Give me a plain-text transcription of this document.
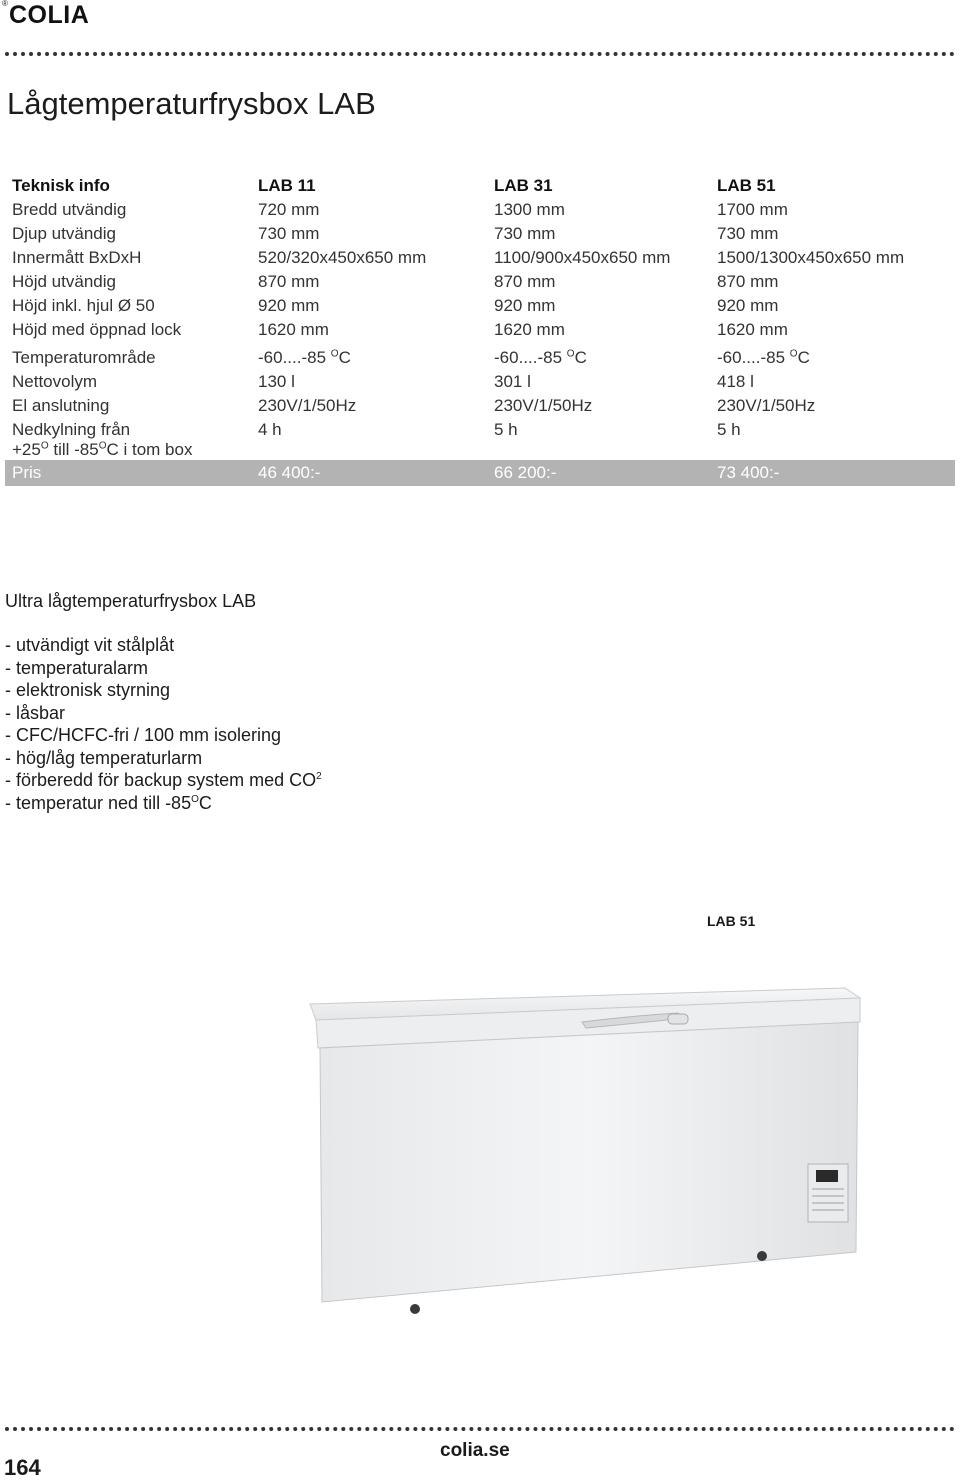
® COLIA
Lågtemperaturfrysbox LAB
Teknisk info	LAB 11	LAB 31	LAB 51
Bredd utvändig	720 mm	1300 mm	1700 mm
Djup utvändig	730 mm	730 mm	730 mm
Innermått BxDxH	520/320x450x650 mm	1100/900x450x650 mm	1500/1300x450x650 mm
Höjd utvändig	870 mm	870 mm	870 mm
Höjd inkl. hjul Ø 50	920 mm	920 mm	920 mm
Höjd med öppnad lock	1620 mm	1620 mm	1620 mm
Temperaturområde	-60....-85 $^O$C	-60....-85 $^O$C	-60....-85 $^O$C
Nettovolym	130 l	301 l	418 l
El anslutning	230V/1/50Hz	230V/1/50Hz	230V/1/50Hz
Nedkylning från	4 h	5 h	5 h
$+25^O$ till $-85^OC$ i tom box
Pris	46 400:-	66 200:-	73 400:-
Ultra lågtemperaturfrysbox LAB
- utvändigt vit stålplåt
- temperaturalarm
- elektronisk styrning
- låsbar
- CFC/HCFC-fri / 100 mm isolering
- hög/låg temperaturlarm
- förberedd för backup system med $CO^2$
- temperatur ned till $-85^OC$
LAB 51
164
colia.se
